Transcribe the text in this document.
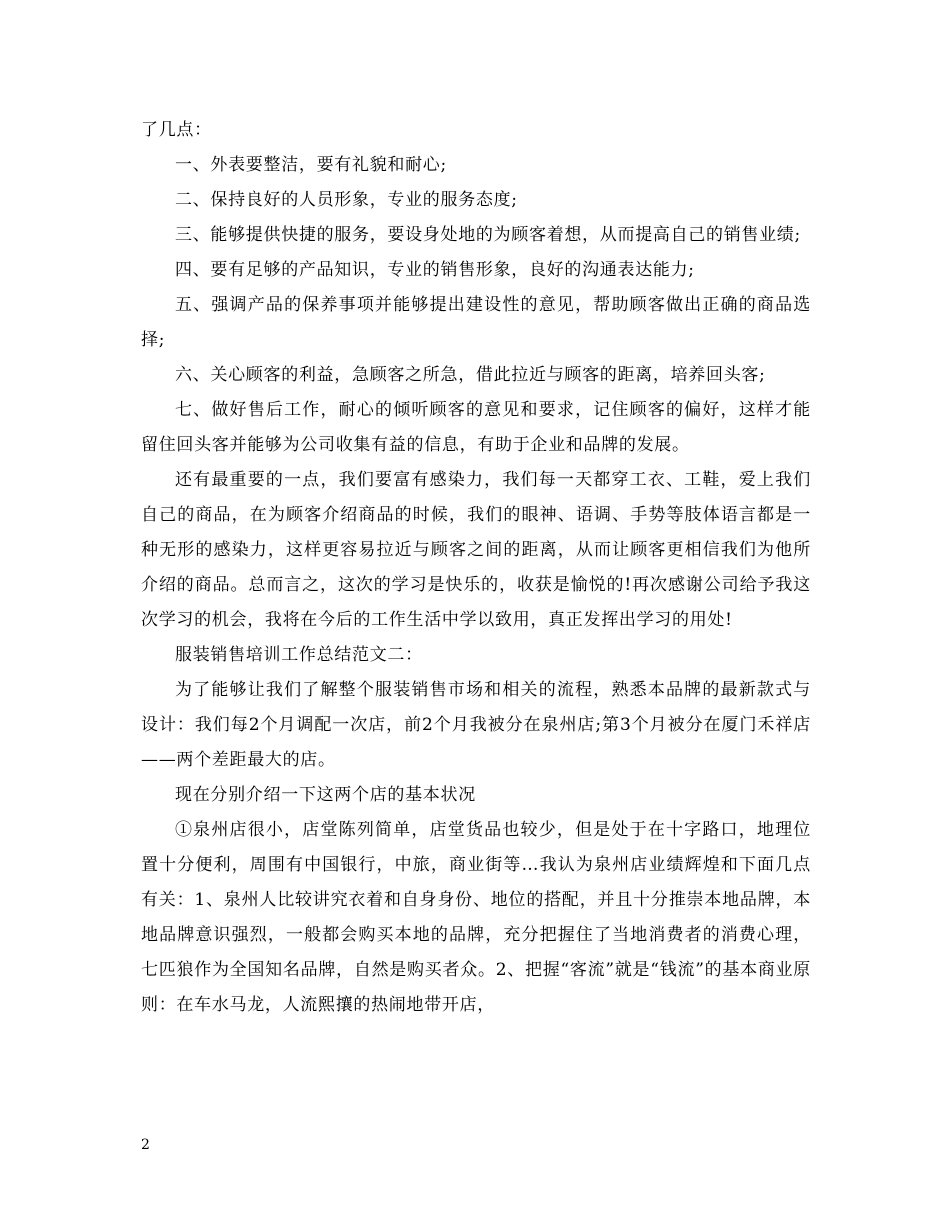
了几点：

一、外表要整洁，要有礼貌和耐心;

二、保持良好的人员形象，专业的服务态度;

三、能够提供快捷的服务，要设身处地的为顾客着想，从而提高自己的销售业绩;

四、要有足够的产品知识，专业的销售形象，良好的沟通表达能力;

五、强调产品的保养事项并能够提出建设性的意见，帮助顾客做出正确的商品选择;

六、关心顾客的利益，急顾客之所急，借此拉近与顾客的距离，培养回头客;

七、做好售后工作，耐心的倾听顾客的意见和要求，记住顾客的偏好，这样才能留住回头客并能够为公司收集有益的信息，有助于企业和品牌的发展。

还有最重要的一点，我们要富有感染力，我们每一天都穿工衣、工鞋，爱上我们自己的商品，在为顾客介绍商品的时候，我们的眼神、语调、手势等肢体语言都是一种无形的感染力，这样更容易拉近与顾客之间的距离，从而让顾客更相信我们为他所介绍的商品。总而言之，这次的学习是快乐的，收获是愉悦的!再次感谢公司给予我这次学习的机会，我将在今后的工作生活中学以致用，真正发挥出学习的用处!

服装销售培训工作总结范文二：

为了能够让我们了解整个服装销售市场和相关的流程，熟悉本品牌的最新款式与设计：我们每2个月调配一次店，前2个月我被分在泉州店;第3个月被分在厦门禾祥店——两个差距最大的店。

现在分别介绍一下这两个店的基本状况

①泉州店很小，店堂陈列简单，店堂货品也较少，但是处于在十字路口，地理位置十分便利，周围有中国银行，中旅，商业街等…我认为泉州店业绩辉煌和下面几点有关：1、泉州人比较讲究衣着和自身身份、地位的搭配，并且十分推崇本地品牌，本地品牌意识强烈，一般都会购买本地的品牌，充分把握住了当地消费者的消费心理，七匹狼作为全国知名品牌，自然是购买者众。2、把握“客流”就是“钱流”的基本商业原则：在车水马龙，人流熙攘的热闹地带开店，

2
